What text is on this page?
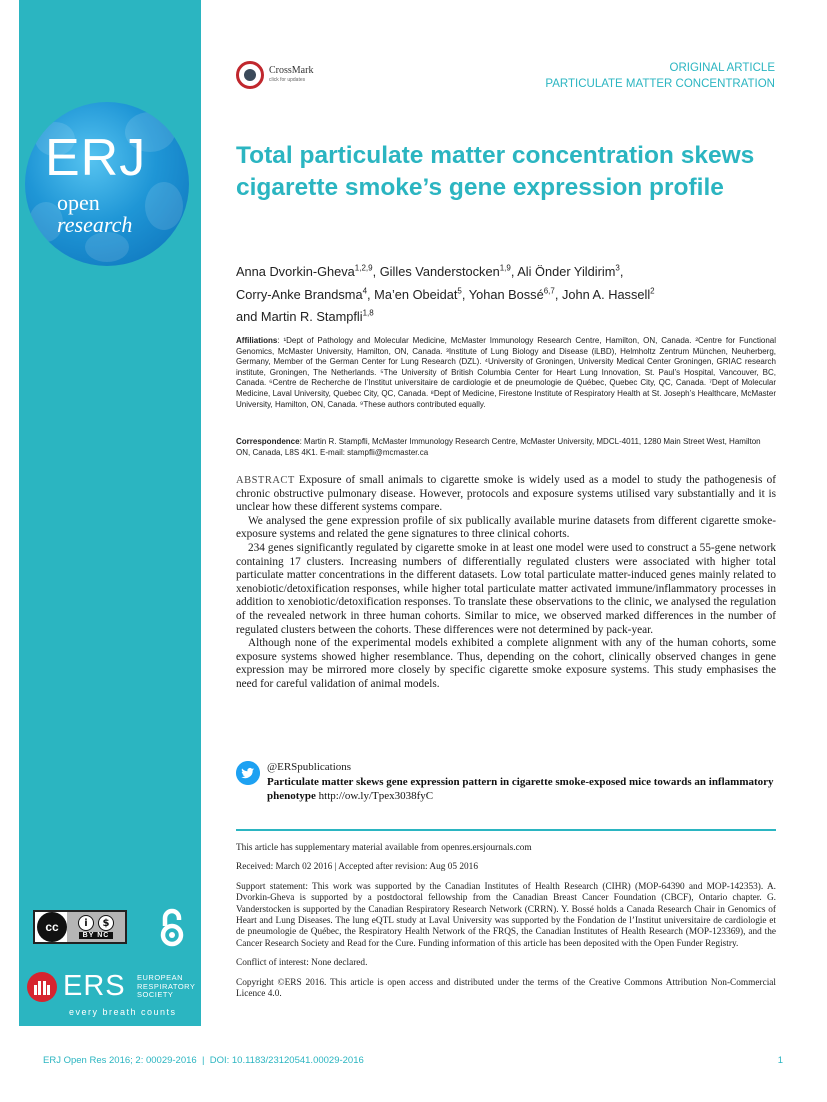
ERJ
open
research
cc	i	$
BY NC
ERS EUROPEAN
RESPIRATORY
SOCIETY
every breath counts
CrossMark
click for updates
ORIGINAL ARTICLE
PARTICULATE MATTER CONCENTRATION
Total particulate matter concentration skews cigarette smoke’s gene expression profile
Anna Dvorkin-Gheva$^{1,2,9}$, Gilles Vanderstocken$^{1,9}$, Ali Önder Yildirim$^3$,
Corry-Anke Brandsma$^4$, Ma’en Obeidat$^5$, Yohan Bossé$^{6,7}$, John A. Hassell$^2$
and Martin R. Stampfli$^{1,8}$
Affiliations: ¹Dept of Pathology and Molecular Medicine, McMaster Immunology Research Centre, Hamilton, ON, Canada. ²Centre for Functional Genomics, McMaster University, Hamilton, ON, Canada. ³Institute of Lung Biology and Disease (iLBD), Helmholtz Zentrum München, Neuherberg, Germany, Member of the German Center for Lung Research (DZL). ⁴University of Groningen, University Medical Center Groningen, GRIAC research institute, Groningen, The Netherlands. ⁵The University of British Columbia Center for Heart Lung Innovation, St. Paul’s Hospital, Vancouver, BC, Canada. ⁶Centre de Recherche de l’Institut universitaire de cardiologie et de pneumologie de Québec, Quebec City, QC, Canada. ⁷Dept of Molecular Medicine, Laval University, Quebec City, QC, Canada. ⁸Dept of Medicine, Firestone Institute of Respiratory Health at St. Joseph’s Healthcare, McMaster University, Hamilton, ON, Canada. ⁹These authors contributed equally.
Correspondence: Martin R. Stampfli, McMaster Immunology Research Centre, McMaster University, MDCL-4011, 1280 Main Street West, Hamilton ON, Canada, L8S 4K1. E-mail: stampfli@mcmaster.ca

ABSTRACT Exposure of small animals to cigarette smoke is widely used as a model to study the pathogenesis of chronic obstructive pulmonary disease. However, protocols and exposure systems utilised vary substantially and it is unclear how these different systems compare.

We analysed the gene expression profile of six publically available murine datasets from different cigarette smoke-exposure systems and related the gene signatures to three clinical cohorts.

234 genes significantly regulated by cigarette smoke in at least one model were used to construct a 55-gene network containing 17 clusters. Increasing numbers of differentially regulated clusters were associated with higher total particulate matter concentrations in the different datasets. Low total particulate matter-induced genes mainly related to xenobiotic/detoxification responses, while higher total particulate matter activated immune/inflammatory processes in addition to xenobiotic/detoxification responses. To translate these observations to the clinic, we analysed the regulation of the revealed network in three human cohorts. Similar to mice, we observed marked differences in the number of regulated clusters between the cohorts. These differences were not determined by pack-year.

Although none of the experimental models exhibited a complete alignment with any of the human cohorts, some exposure systems showed higher resemblance. Thus, depending on the cohort, clinically observed changes in gene expression may be mirrored more closely by specific cigarette smoke exposure systems. This study emphasises the need for careful validation of animal models.

@ERSpublications
Particulate matter skews gene expression pattern in cigarette smoke-exposed mice towards an inflammatory phenotype http://ow.ly/Tpex3038fyC

This article has supplementary material available from openres.ersjournals.com

Received: March 02 2016 | Accepted after revision: Aug 05 2016

Support statement: This work was supported by the Canadian Institutes of Health Research (CIHR) (MOP-64390 and MOP-142353). A. Dvorkin-Gheva is supported by a postdoctoral fellowship from the Canadian Breast Cancer Foundation (CBCF), Ontario chapter. G. Vanderstocken is supported by the Canadian Respiratory Research Network (CRRN). Y. Bossé holds a Canada Research Chair in Genomics of Heart and Lung Diseases. The lung eQTL study at Laval University was supported by the Fondation de l’Institut universitaire de cardiologie et de pneumologie de Québec, the Respiratory Health Network of the FRQS, the Canadian Institutes of Health Research (MOP-123369), and the Cancer Research Society and Read for the Cure. Funding information of this article has been deposited with the Open Funder Registry.

Conflict of interest: None declared.

Copyright ©ERS 2016. This article is open access and distributed under the terms of the Creative Commons Attribution Non-Commercial Licence 4.0.

ERJ Open Res 2016; 2: 00029-2016  |  DOI: 10.1183/23120541.00029-2016	1
